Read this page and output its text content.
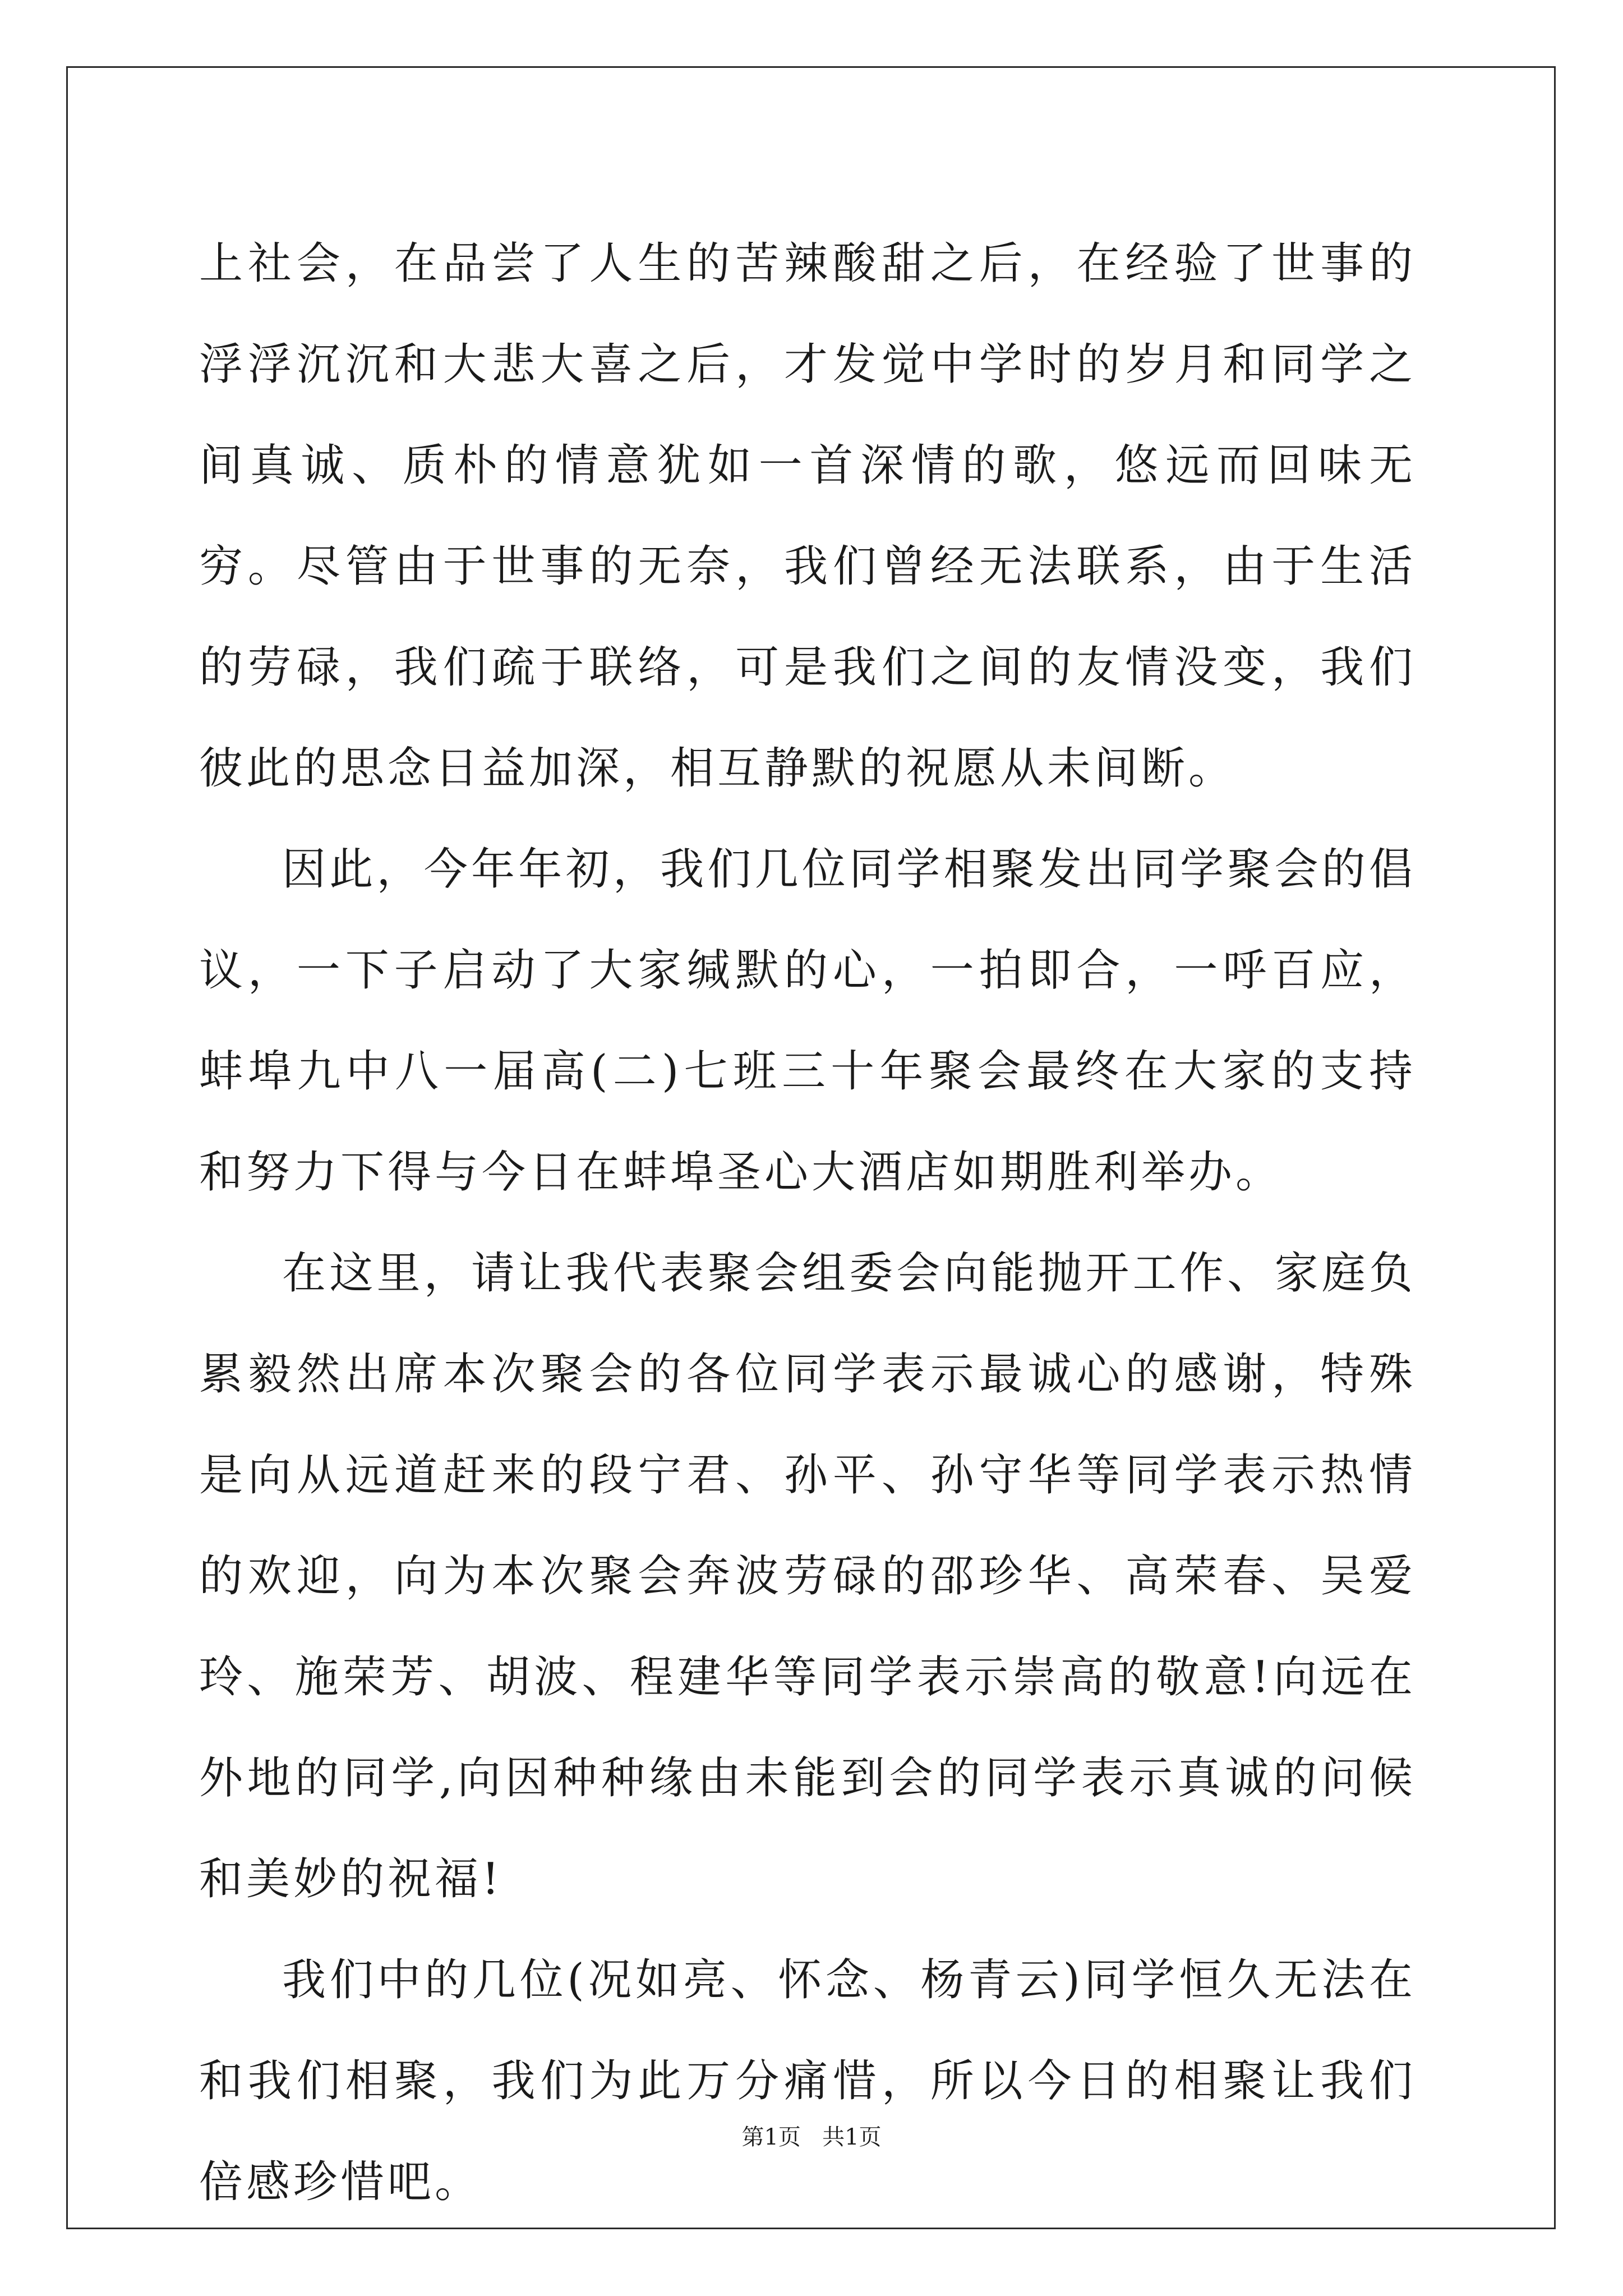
上社会，在品尝了人生的苦辣酸甜之后，在经验了世事的浮浮沉沉和大悲大喜之后，才发觉中学时的岁月和同学之间真诚、质朴的情意犹如一首深情的歌，悠远而回味无穷。尽管由于世事的无奈，我们曾经无法联系，由于生活的劳碌，我们疏于联络，可是我们之间的友情没变，我们彼此的思念日益加深，相互静默的祝愿从未间断。

因此，今年年初，我们几位同学相聚发出同学聚会的倡议，一下子启动了大家缄默的心，一拍即合，一呼百应，蚌埠九中八一届高(二)七班三十年聚会最终在大家的支持和努力下得与今日在蚌埠圣心大酒店如期胜利举办。

在这里，请让我代表聚会组委会向能抛开工作、家庭负累毅然出席本次聚会的各位同学表示最诚心的感谢，特殊是向从远道赶来的段宁君、孙平、孙守华等同学表示热情的欢迎，向为本次聚会奔波劳碌的邵珍华、高荣春、吴爱玲、施荣芳、胡波、程建华等同学表示崇高的敬意!向远在外地的同学,向因种种缘由未能到会的同学表示真诚的问候和美妙的祝福!

我们中的几位(况如亮、怀念、杨青云)同学恒久无法在和我们相聚，我们为此万分痛惜，所以今日的相聚让我们倍感珍惜吧。

第1页 共1页
